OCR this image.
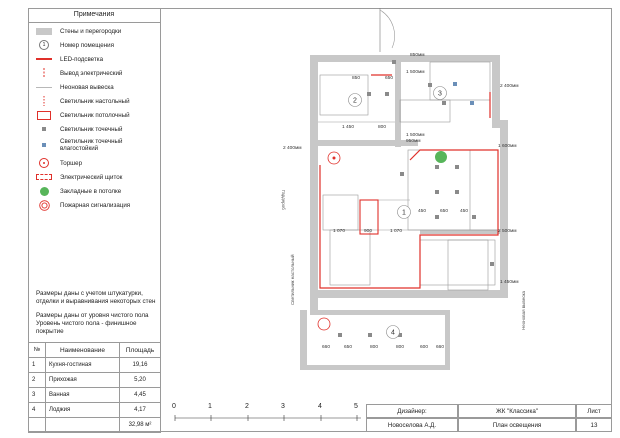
Примечания
Стены и перегородки
1	Номер помещения
LED-подсветка
Вывод электрический
Неоновая вывеска
Светильник настольный
Светильник потолочный
Светильник точечный
Светильник точечный влагостойкий
Торшер
Электрический щиток
Закладные в потолке
Пожарная сигнализация
Размеры даны с учетом штукатурки, отделки и выравнивания некоторых стен
Размеры даны от уровня чистого пола Уровень чистого пола - финишное покрытие
№	Наименование	Площадь
1	Кухня-гостиная	19,16
2	Прихожая	5,20
3	Ванная	4,45
4	Лоджия	4,17
		32,98 м²
0	1	2	3	4	5
Дизайнер:
Новоселова А.Д.
ЖК "Классика"
План освещения
Лист
13
2
3
1
4
2 400мм
2 400мм	1 600мм
2 500мм
1 450мм
1 500мм
1 500мм
850	650
1 450	800
450	650 450
1 070	900	1 070
660	650	800	800	600 660
950мм
850мм
Гардероб
Светильник настольный
Неоновая вывеска
